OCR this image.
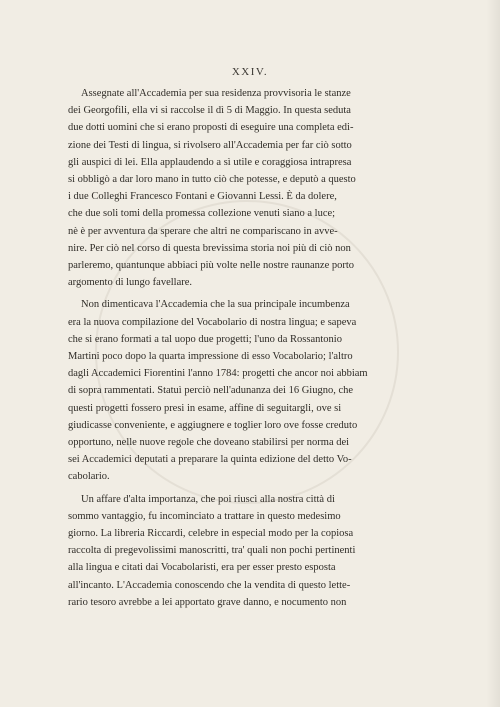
XXIV.
Assegnate all'Accademia per sua residenza provvisoria le stanze
dei Georgofili, ella vi si raccolse il dì 5 di Maggio. In questa seduta
due dotti uomini che si erano proposti di eseguire una completa edi-
zione dei Testi di lingua, si rivolsero all'Accademia per far ciò sotto
gli auspici di lei. Ella applaudendo a sì utile e coraggiosa intrapresa
si obbligò a dar loro mano in tutto ciò che potesse, e deputò a questo
i due Colleghi Francesco Fontani e Giovanni Lessi. È da dolere,
che due soli tomi della promessa collezione venuti siano a luce;
nè è per avventura da sperare che altri ne compariscano in avve-
nire. Per ciò nel corso di questa brevissima storia noi più di ciò non
parleremo, quantunque abbiaci più volte nelle nostre raunanze porto
argomento di lungo favellare.
Non dimenticava l'Accademia che la sua principale incumbenza
era la nuova compilazione del Vocabolario di nostra lingua; e sapeva
che si erano formati a tal uopo due progetti; l'uno da Rossantonio
Martini poco dopo la quarta impressione di esso Vocabolario; l'altro
dagli Accademici Fiorentini l'anno 1784: progetti che ancor noi abbiam
di sopra rammentati. Statuì perciò nell'adunanza dei 16 Giugno, che
questi progetti fossero presi in esame, affine di seguitargli, ove si
giudicasse conveniente, e aggiugnere e toglier loro ove fosse creduto
opportuno, nelle nuove regole che doveano stabilirsi per norma dei
sei Accademici deputati a preparare la quinta edizione del detto Vo-
cabolario.
Un affare d'alta importanza, che poi riuscì alla nostra città di
sommo vantaggio, fu incominciato a trattare in questo medesimo
giorno. La libreria Riccardi, celebre in especial modo per la copiosa
raccolta di pregevolissimi manoscritti, tra' quali non pochi pertinenti
alla lingua e citati dai Vocabolaristi, era per esser presto esposta
all'incanto. L'Accademia conoscendo che la vendita di questo lette-
rario tesoro avrebbe a lei apportato grave danno, e nocumento non
